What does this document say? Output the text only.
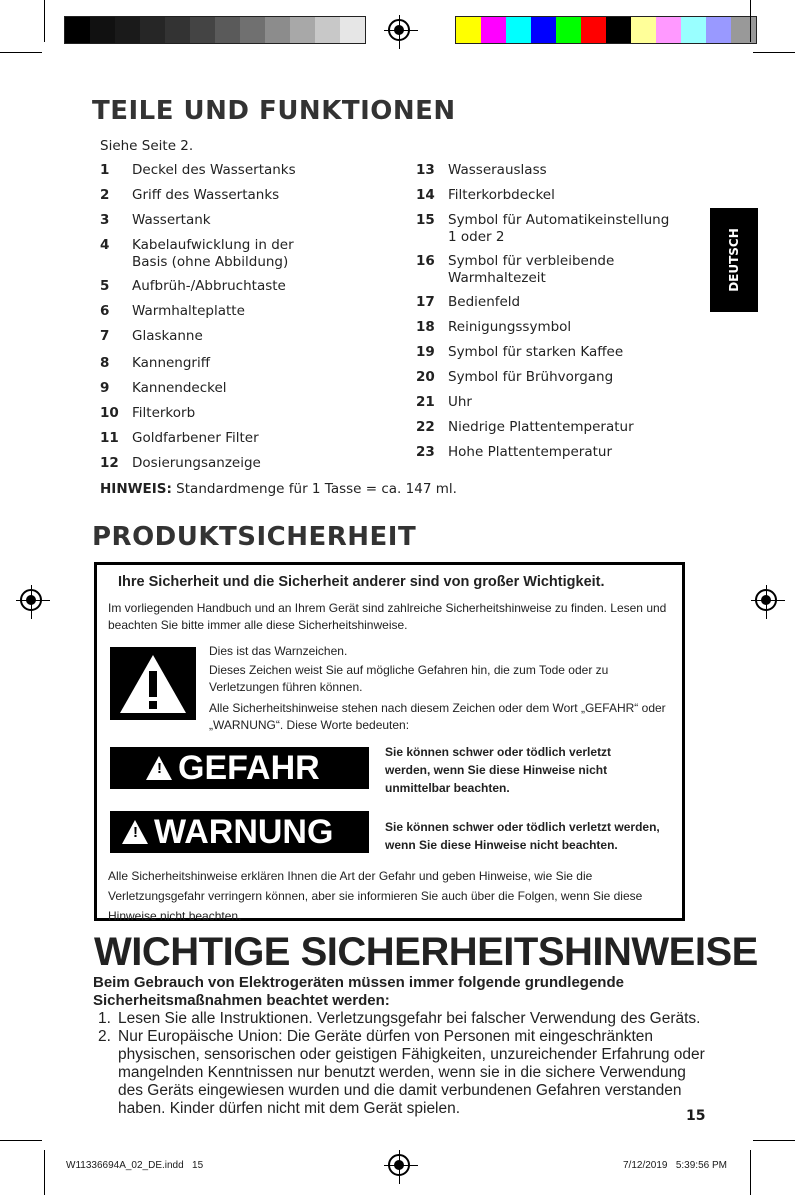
TEILE UND FUNKTIONEN
Siehe Seite 2.
1	Deckel des Wassertanks
2	Griff des Wassertanks
3	Wassertank
4	Kabelaufwicklung in der Basis (ohne Abbildung)
5	Aufbrüh-/Abbruchtaste
6	Warmhalteplatte
7	Glaskanne
8	Kannengriff
9	Kannendeckel
10 Filterkorb
11 Goldfarbener Filter
12 Dosierungsanzeige
13 Wasserauslass
14 Filterkorbdeckel
15 Symbol für Automatikeinstellung 1 oder 2
16 Symbol für verbleibende Warmhaltezeit
17 Bedienfeld
18 Reinigungssymbol
19 Symbol für starken Kaffee
20 Symbol für Brühvorgang
21 Uhr
22 Niedrige Plattentemperatur
23 Hohe Plattentemperatur
HINWEIS: Standardmenge für 1 Tasse = ca. 147 ml.
DEUTSCH
PRODUKTSICHERHEIT
Ihre Sicherheit und die Sicherheit anderer sind von großer Wichtigkeit.
Im vorliegenden Handbuch und an Ihrem Gerät sind zahlreiche Sicherheitshinweise zu finden. Lesen und beachten Sie bitte immer alle diese Sicherheitshinweise.
Dies ist das Warnzeichen.
Dieses Zeichen weist Sie auf mögliche Gefahren hin, die zum Tode oder zu Verletzungen führen können.
Alle Sicherheitshinweise stehen nach diesem Zeichen oder dem Wort „GEFAHR“ oder „WARNUNG“. Diese Worte bedeuten:
! GEFAHR	Sie können schwer oder tödlich verletzt werden, wenn Sie diese Hinweise nicht unmittelbar beachten.
! WARNUNG	Sie können schwer oder tödlich verletzt werden, wenn Sie diese Hinweise nicht beachten.
Alle Sicherheitshinweise erklären Ihnen die Art der Gefahr und geben Hinweise, wie Sie die Verletzungsgefahr verringern können, aber sie informieren Sie auch über die Folgen, wenn Sie diese Hinweise nicht beachten.
WICHTIGE SICHERHEITSHINWEISE
Beim Gebrauch von Elektrogeräten müssen immer folgende grundlegende Sicherheitsmaßnahmen beachtet werden:
1. Lesen Sie alle Instruktionen. Verletzungsgefahr bei falscher Verwendung des Geräts.
2. Nur Europäische Union: Die Geräte dürfen von Personen mit eingeschränkten physischen, sensorischen oder geistigen Fähigkeiten, unzureichender Erfahrung oder mangelnden Kenntnissen nur benutzt werden, wenn sie in die sichere Verwendung des Geräts eingewiesen wurden und die damit verbundenen Gefahren verstanden haben. Kinder dürfen nicht mit dem Gerät spielen.	15
W11336694A_02_DE.indd   15	7/12/2019   5:39:56 PM
